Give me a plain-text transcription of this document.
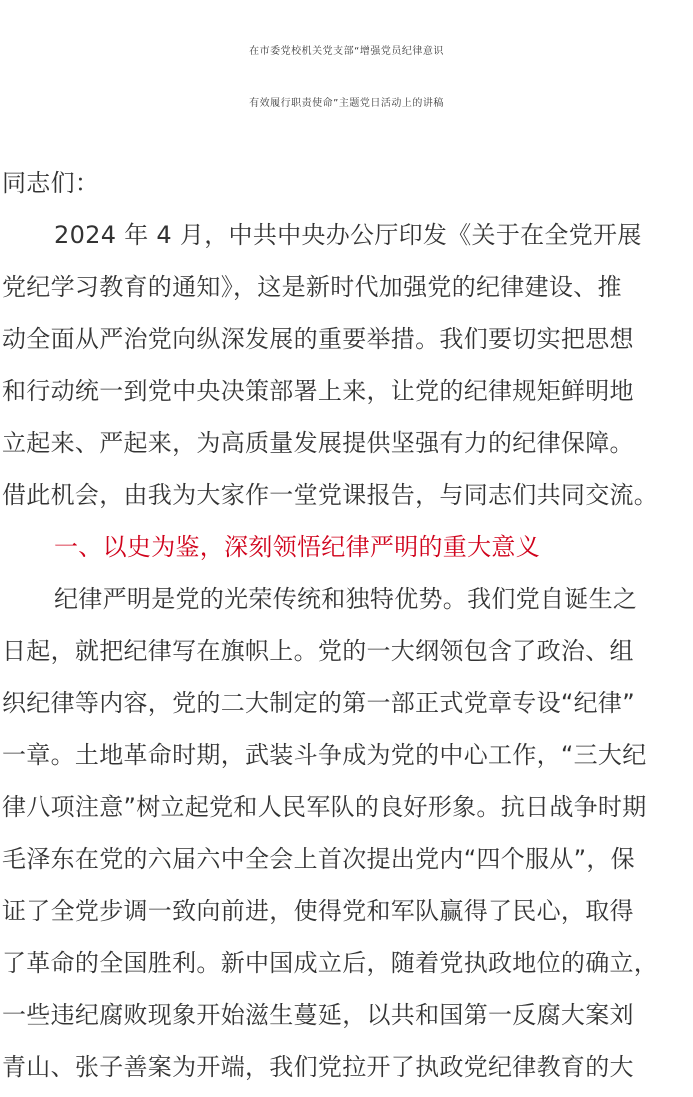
在市委党校机关党支部“增强党员纪律意识
有效履行职责使命”主题党日活动上的讲稿
同志们：
2024 年 4 月，中共中央办公厅印发《关于在全党开展
党纪学习教育的通知》，这是新时代加强党的纪律建设、推
动全面从严治党向纵深发展的重要举措。我们要切实把思想
和行动统一到党中央决策部署上来，让党的纪律规矩鲜明地
立起来、严起来，为高质量发展提供坚强有力的纪律保障。
借此机会，由我为大家作一堂党课报告，与同志们共同交流。
一、以史为鉴，深刻领悟纪律严明的重大意义
纪律严明是党的光荣传统和独特优势。我们党自诞生之
日起，就把纪律写在旗帜上。党的一大纲领包含了政治、组
织纪律等内容，党的二大制定的第一部正式党章专设“纪律”
一章。土地革命时期，武装斗争成为党的中心工作，“三大纪
律八项注意”树立起党和人民军队的良好形象。抗日战争时期
毛泽东在党的六届六中全会上首次提出党内“四个服从”，保
证了全党步调一致向前进，使得党和军队赢得了民心，取得
了革命的全国胜利。新中国成立后，随着党执政地位的确立，
一些违纪腐败现象开始滋生蔓延，以共和国第一反腐大案刘
青山、张子善案为开端，我们党拉开了执政党纪律教育的大
